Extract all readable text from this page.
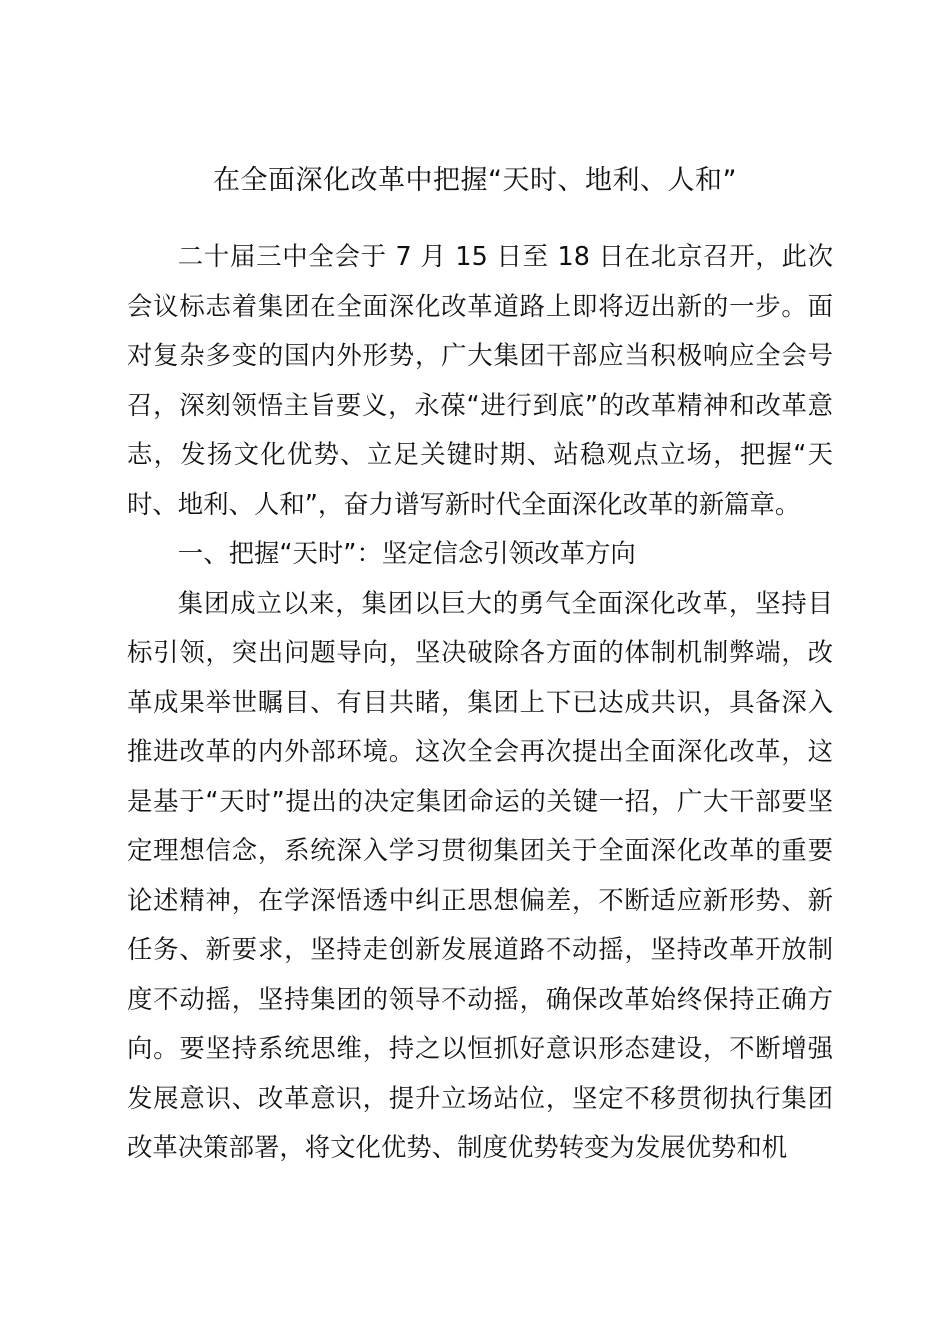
在全面深化改革中把握“天时、地利、人和”

二十届三中全会于 7 月 15 日至 18 日在北京召开，此次会议标志着集团在全面深化改革道路上即将迈出新的一步。面对复杂多变的国内外形势，广大集团干部应当积极响应全会号召，深刻领悟主旨要义，永葆“进行到底”的改革精神和改革意志，发扬文化优势、立足关键时期、站稳观点立场，把握“天时、地利、人和”，奋力谱写新时代全面深化改革的新篇章。

一、把握“天时”：坚定信念引领改革方向

集团成立以来，集团以巨大的勇气全面深化改革，坚持目标引领，突出问题导向，坚决破除各方面的体制机制弊端，改革成果举世瞩目、有目共睹，集团上下已达成共识，具备深入推进改革的内外部环境。这次全会再次提出全面深化改革，这是基于“天时”提出的决定集团命运的关键一招，广大干部要坚定理想信念，系统深入学习贯彻集团关于全面深化改革的重要论述精神，在学深悟透中纠正思想偏差，不断适应新形势、新任务、新要求，坚持走创新发展道路不动摇，坚持改革开放制度不动摇，坚持集团的领导不动摇，确保改革始终保持正确方向。要坚持系统思维，持之以恒抓好意识形态建设，不断增强发展意识、改革意识，提升立场站位，坚定不移贯彻执行集团改革决策部署，将文化优势、制度优势转变为发展优势和机
